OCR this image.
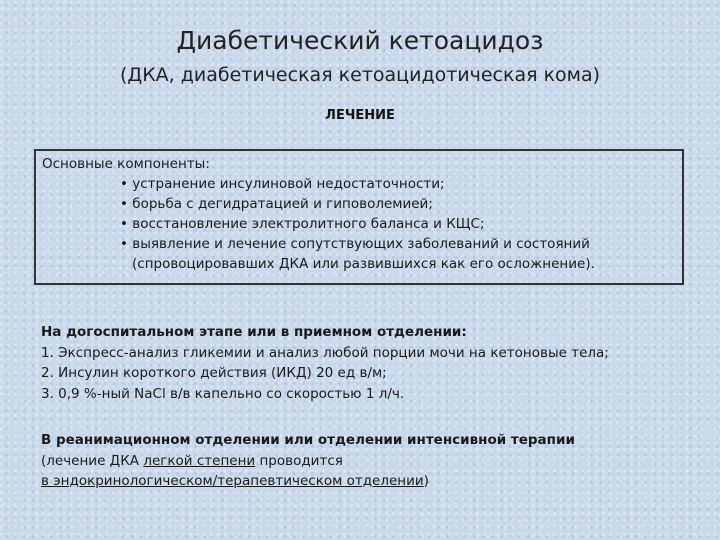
Диабетический кетоацидоз
(ДКА, диабетическая кетоацидотическая кома)
ЛЕЧЕНИЕ
Основные компоненты:
• устранение инсулиновой недостаточности;
• борьба с дегидратацией и гиповолемией;
• восстановление электролитного баланса и КЩС;
• выявление и лечение сопутствующих заболеваний и состояний
(спровоцировавших ДКА или развившихся как его осложнение).
На догоспитальном этапе или в приемном отделении:
1. Экспресс-анализ гликемии и анализ любой порции мочи на кетоновые тела;
2. Инсулин короткого действия (ИКД) 20 ед в/м;
3. 0,9 %-ный NaCl в/в капельно со скоростью 1 л/ч.
В реанимационном отделении или отделении интенсивной терапии
(лечение ДКА легкой степени проводится
в эндокринологическом/терапевтическом отделении)
